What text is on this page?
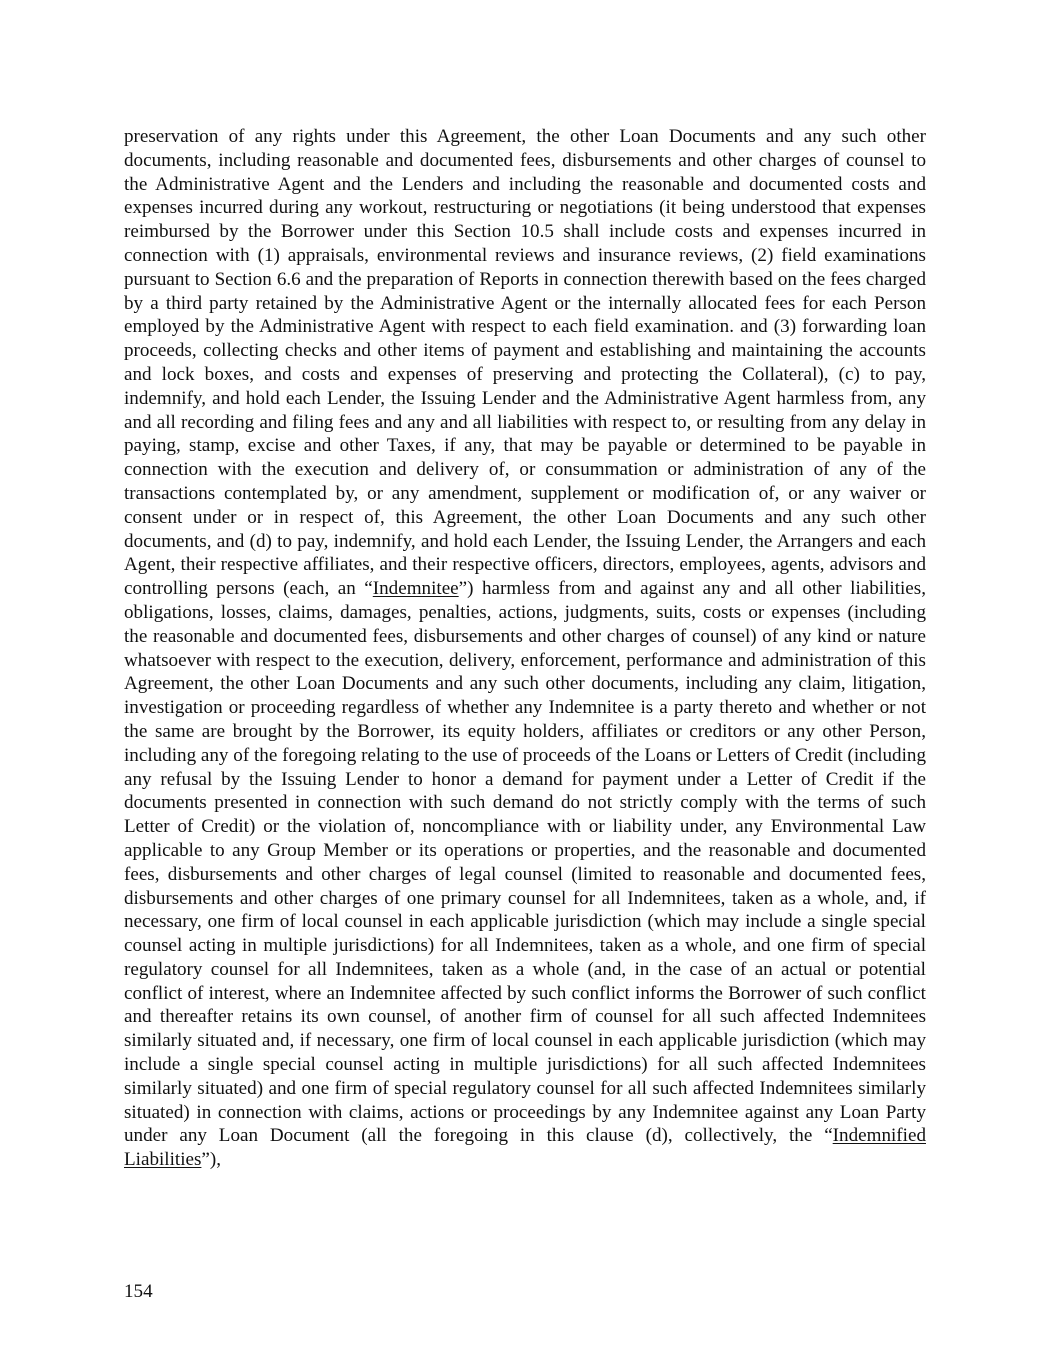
preservation of any rights under this Agreement, the other Loan Documents and any such other documents, including reasonable and documented fees, disbursements and other charges of counsel to the Administrative Agent and the Lenders and including the reasonable and documented costs and expenses incurred during any workout, restructuring or negotiations (it being understood that expenses reimbursed by the Borrower under this Section 10.5 shall include costs and expenses incurred in connection with (1) appraisals, environmental reviews and insurance reviews, (2) field examinations pursuant to Section 6.6 and the preparation of Reports in connection therewith based on the fees charged by a third party retained by the Administrative Agent or the internally allocated fees for each Person employed by the Administrative Agent with respect to each field examination. and (3) forwarding loan proceeds, collecting checks and other items of payment and establishing and maintaining the accounts and lock boxes, and costs and expenses of preserving and protecting the Collateral), (c) to pay, indemnify, and hold each Lender, the Issuing Lender and the Administrative Agent harmless from, any and all recording and filing fees and any and all liabilities with respect to, or resulting from any delay in paying, stamp, excise and other Taxes, if any, that may be payable or determined to be payable in connection with the execution and delivery of, or consummation or administration of any of the transactions contemplated by, or any amendment, supplement or modification of, or any waiver or consent under or in respect of, this Agreement, the other Loan Documents and any such other documents, and (d) to pay, indemnify, and hold each Lender, the Issuing Lender, the Arrangers and each Agent, their respective affiliates, and their respective officers, directors, employees, agents, advisors and controlling persons (each, an “Indemnitee”) harmless from and against any and all other liabilities, obligations, losses, claims, damages, penalties, actions, judgments, suits, costs or expenses (including the reasonable and documented fees, disbursements and other charges of counsel) of any kind or nature whatsoever with respect to the execution, delivery, enforcement, performance and administration of this Agreement, the other Loan Documents and any such other documents, including any claim, litigation, investigation or proceeding regardless of whether any Indemnitee is a party thereto and whether or not the same are brought by the Borrower, its equity holders, affiliates or creditors or any other Person, including any of the foregoing relating to the use of proceeds of the Loans or Letters of Credit (including any refusal by the Issuing Lender to honor a demand for payment under a Letter of Credit if the documents presented in connection with such demand do not strictly comply with the terms of such Letter of Credit) or the violation of, noncompliance with or liability under, any Environmental Law applicable to any Group Member or its operations or properties, and the reasonable and documented fees, disbursements and other charges of legal counsel (limited to reasonable and documented fees, disbursements and other charges of one primary counsel for all Indemnitees, taken as a whole, and, if necessary, one firm of local counsel in each applicable jurisdiction (which may include a single special counsel acting in multiple jurisdictions) for all Indemnitees, taken as a whole, and one firm of special regulatory counsel for all Indemnitees, taken as a whole (and, in the case of an actual or potential conflict of interest, where an Indemnitee affected by such conflict informs the Borrower of such conflict and thereafter retains its own counsel, of another firm of counsel for all such affected Indemnitees similarly situated and, if necessary, one firm of local counsel in each applicable jurisdiction (which may include a single special counsel acting in multiple jurisdictions) for all such affected Indemnitees similarly situated) and one firm of special regulatory counsel for all such affected Indemnitees similarly situated) in connection with claims, actions or proceedings by any Indemnitee against any Loan Party under any Loan Document (all the foregoing in this clause (d), collectively, the “Indemnified Liabilities”),

154
